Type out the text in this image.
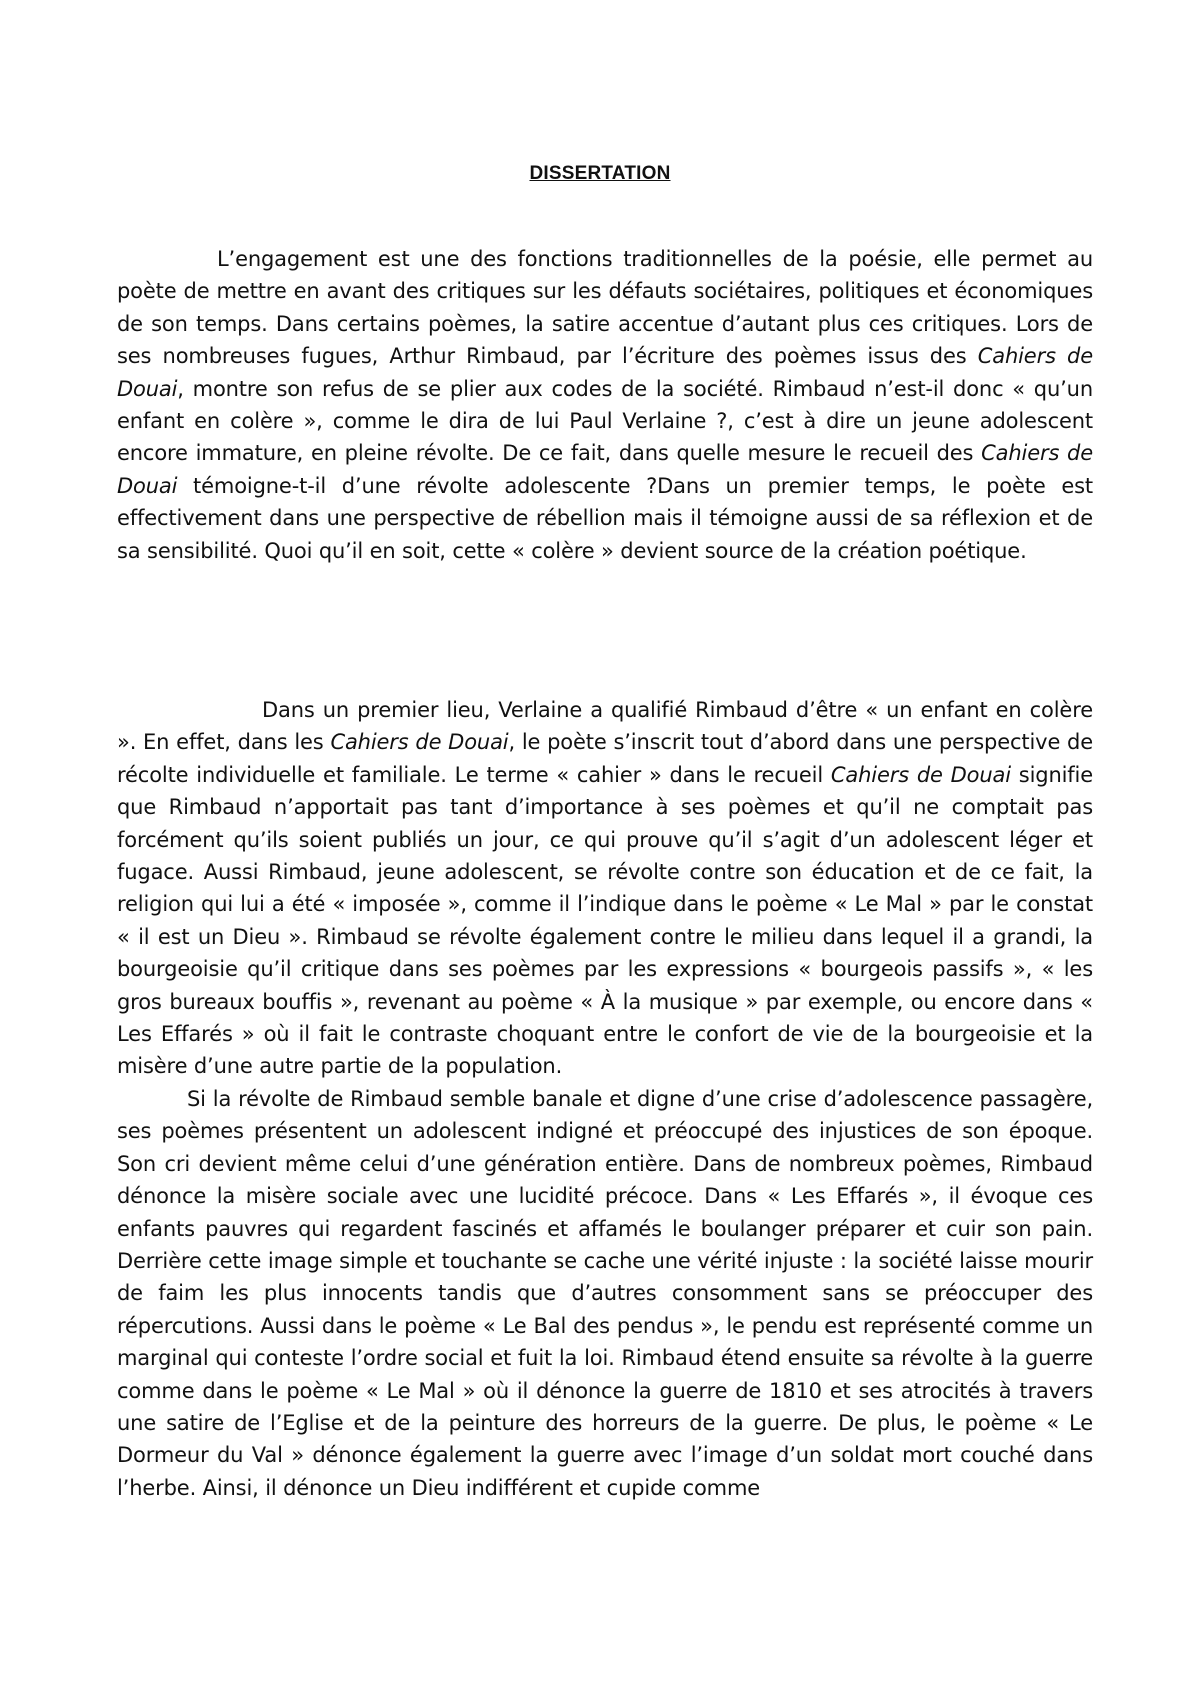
DISSERTATION

L’engagement est une des fonctions traditionnelles de la poésie, elle permet au poète de mettre en avant des critiques sur les défauts sociétaires, politiques et économiques de son temps. Dans certains poèmes, la satire accentue d’autant plus ces critiques. Lors de ses nombreuses fugues, Arthur Rimbaud, par l’écriture des poèmes issus des Cahiers de Douai, montre son refus de se plier aux codes de la société. Rimbaud n’est-il donc « qu’un enfant en colère », comme le dira de lui Paul Verlaine ?, c’est à dire un jeune adolescent encore immature, en pleine révolte. De ce fait, dans quelle mesure le recueil des Cahiers de Douai témoigne-t-il d’une révolte adolescente ?Dans un premier temps, le poète est effectivement dans une perspective de rébellion mais il témoigne aussi de sa réflexion et de sa sensibilité. Quoi qu’il en soit, cette « colère » devient source de la création poétique.

Dans un premier lieu, Verlaine a qualifié Rimbaud d’être « un enfant en colère ». En effet, dans les Cahiers de Douai, le poète s’inscrit tout d’abord dans une perspective de récolte individuelle et familiale. Le terme « cahier » dans le recueil Cahiers de Douai signifie que Rimbaud n’apportait pas tant d’importance à ses poèmes et qu’il ne comptait pas forcément qu’ils soient publiés un jour, ce qui prouve qu’il s’agit d’un adolescent léger et fugace. Aussi Rimbaud, jeune adolescent, se révolte contre son éducation et de ce fait, la religion qui lui a été « imposée », comme il l’indique dans le poème « Le Mal » par le constat « il est un Dieu ». Rimbaud se révolte également contre le milieu dans lequel il a grandi, la bourgeoisie qu’il critique dans ses poèmes par les expressions « bourgeois passifs », « les gros bureaux bouffis », revenant au poème « À la musique » par exemple, ou encore dans « Les Effarés » où il fait le contraste choquant entre le confort de vie de la bourgeoisie et la misère d’une autre partie de la population.

Si la révolte de Rimbaud semble banale et digne d’une crise d’adolescence passagère, ses poèmes présentent un adolescent indigné et préoccupé des injustices de son époque. Son cri devient même celui d’une génération entière. Dans de nombreux poèmes, Rimbaud dénonce la misère sociale avec une lucidité précoce. Dans « Les Effarés », il évoque ces enfants pauvres qui regardent fascinés et affamés le boulanger préparer et cuir son pain. Derrière cette image simple et touchante se cache une vérité injuste : la société laisse mourir de faim les plus innocents tandis que d’autres consomment sans se préoccuper des répercutions. Aussi dans le poème « Le Bal des pendus », le pendu est représenté comme un marginal qui conteste l’ordre social et fuit la loi. Rimbaud étend ensuite sa révolte à la guerre comme dans le poème « Le Mal » où il dénonce la guerre de 1810 et ses atrocités à travers une satire de l’Eglise et de la peinture des horreurs de la guerre. De plus, le poème « Le Dormeur du Val » dénonce également la guerre avec l’image d’un soldat mort couché dans l’herbe. Ainsi, il dénonce un Dieu indifférent et cupide comme
